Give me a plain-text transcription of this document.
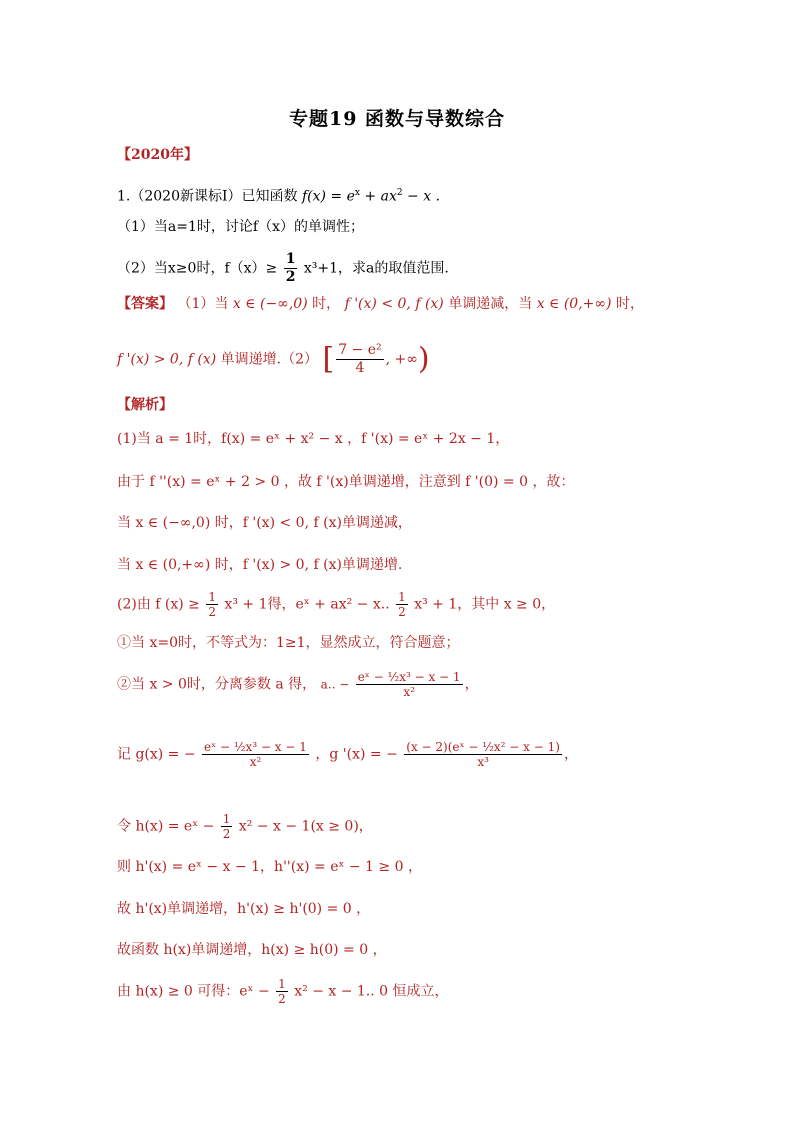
专题19 函数与导数综合
【2020年】
1.（2020新课标Ⅰ）已知函数 $f(x) = e^x + ax^2 - x$ .
（1）当a=1时，讨论f（x）的单调性；
（2）当x≥0时，$f(x)\ge \frac{1}{2} x^3+1$，求a的取值范围.
【答案】 （1）当 x ∈ (−∞,0) 时， f '(x) < 0, f (x) 单调递减，当 x ∈ (0,+∞) 时，
f '(x) > 0, f (x) 单调递增.（2） [ $\frac{\text{7 − e²}}{4}$ , +∞)
【解析】
(1)当 a = 1时，f(x) = eˣ + x² − x ，f '(x) = eˣ + 2x − 1，
由于 f ''(x) = eˣ + 2 > 0 ，故 f '(x)单调递增，注意到 f '(0) = 0 ，故：
当 x ∈ (−∞,0) 时，f '(x) < 0, f (x)单调递减，
当 x ∈ (0,+∞) 时，f '(x) > 0, f (x)单调递增.
(2)由 f $(x) \ge \frac{1}{2} x^3 + 1$得，eˣ + ax² − x.. $\frac{1}{2} x^3 + 1$，其中 x ≥ 0，
①当 x=0时，不等式为：1≥1，显然成立，符合题意；
②当 x > 0时，分离参数 a 得， a.. − $\frac{\text{eˣ − ½x³ − x − 1}}{\text{x²}}$ ，
记 g(x) = − $\frac{\text{eˣ − ½x³ − x − 1}}{\text{x²}}$ ，g '(x) = − $\frac{\text{(x − 2)(eˣ − ½x² − x − 1)}}{\text{x³}}$ ，
令 h(x) = eˣ − $\frac{1}{2} x^2 - x - 1(x \ge 0)$，
则 h'(x) = eˣ − x − 1，h''(x) = eˣ − 1 ≥ 0 ，
故 h'(x)单调递增，h'(x) ≥ h'(0) = 0 ，
故函数 h(x)单调递增，h(x) ≥ h(0) = 0 ，
由 h(x) ≥ 0 可得：eˣ − $\frac{1}{2} x^2 - x - 1$.. 0 恒成立，
